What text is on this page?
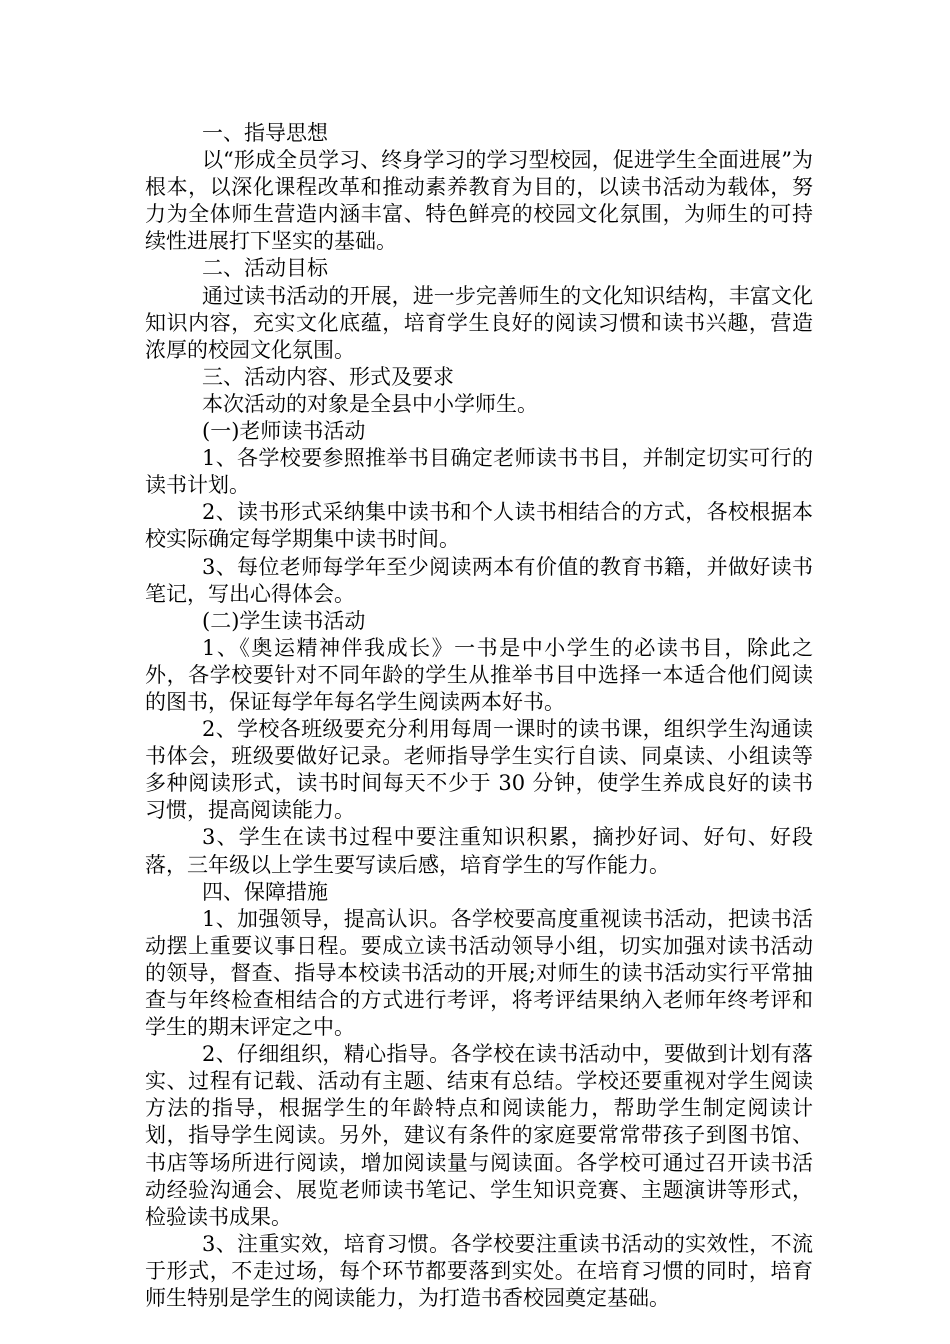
一、指导思想

以“形成全员学习、终身学习的学习型校园，促进学生全面进展”为根本，以深化课程改革和推动素养教育为目的，以读书活动为载体，努力为全体师生营造内涵丰富、特色鲜亮的校园文化氛围，为师生的可持续性进展打下坚实的基础。

二、活动目标

通过读书活动的开展，进一步完善师生的文化知识结构，丰富文化知识内容，充实文化底蕴，培育学生良好的阅读习惯和读书兴趣，营造浓厚的校园文化氛围。

三、活动内容、形式及要求

本次活动的对象是全县中小学师生。

(一)老师读书活动

1、各学校要参照推举书目确定老师读书书目，并制定切实可行的读书计划。

2、读书形式采纳集中读书和个人读书相结合的方式，各校根据本校实际确定每学期集中读书时间。

3、每位老师每学年至少阅读两本有价值的教育书籍，并做好读书笔记，写出心得体会。

(二)学生读书活动

1、《奥运精神伴我成长》一书是中小学生的必读书目，除此之外，各学校要针对不同年龄的学生从推举书目中选择一本适合他们阅读的图书，保证每学年每名学生阅读两本好书。

2、学校各班级要充分利用每周一课时的读书课，组织学生沟通读书体会，班级要做好记录。老师指导学生实行自读、同桌读、小组读等多种阅读形式，读书时间每天不少于 30 分钟，使学生养成良好的读书习惯，提高阅读能力。

3、学生在读书过程中要注重知识积累，摘抄好词、好句、好段落，三年级以上学生要写读后感，培育学生的写作能力。

四、保障措施

1、加强领导，提高认识。各学校要高度重视读书活动，把读书活动摆上重要议事日程。要成立读书活动领导小组，切实加强对读书活动的领导，督查、指导本校读书活动的开展;对师生的读书活动实行平常抽查与年终检查相结合的方式进行考评，将考评结果纳入老师年终考评和学生的期末评定之中。

2、仔细组织，精心指导。各学校在读书活动中，要做到计划有落实、过程有记载、活动有主题、结束有总结。学校还要重视对学生阅读方法的指导，根据学生的年龄特点和阅读能力，帮助学生制定阅读计划，指导学生阅读。另外，建议有条件的家庭要常常带孩子到图书馆、书店等场所进行阅读，增加阅读量与阅读面。各学校可通过召开读书活动经验沟通会、展览老师读书笔记、学生知识竞赛、主题演讲等形式，检验读书成果。

3、注重实效，培育习惯。各学校要注重读书活动的实效性，不流于形式，不走过场，每个环节都要落到实处。在培育习惯的同时，培育师生特别是学生的阅读能力，为打造书香校园奠定基础。
